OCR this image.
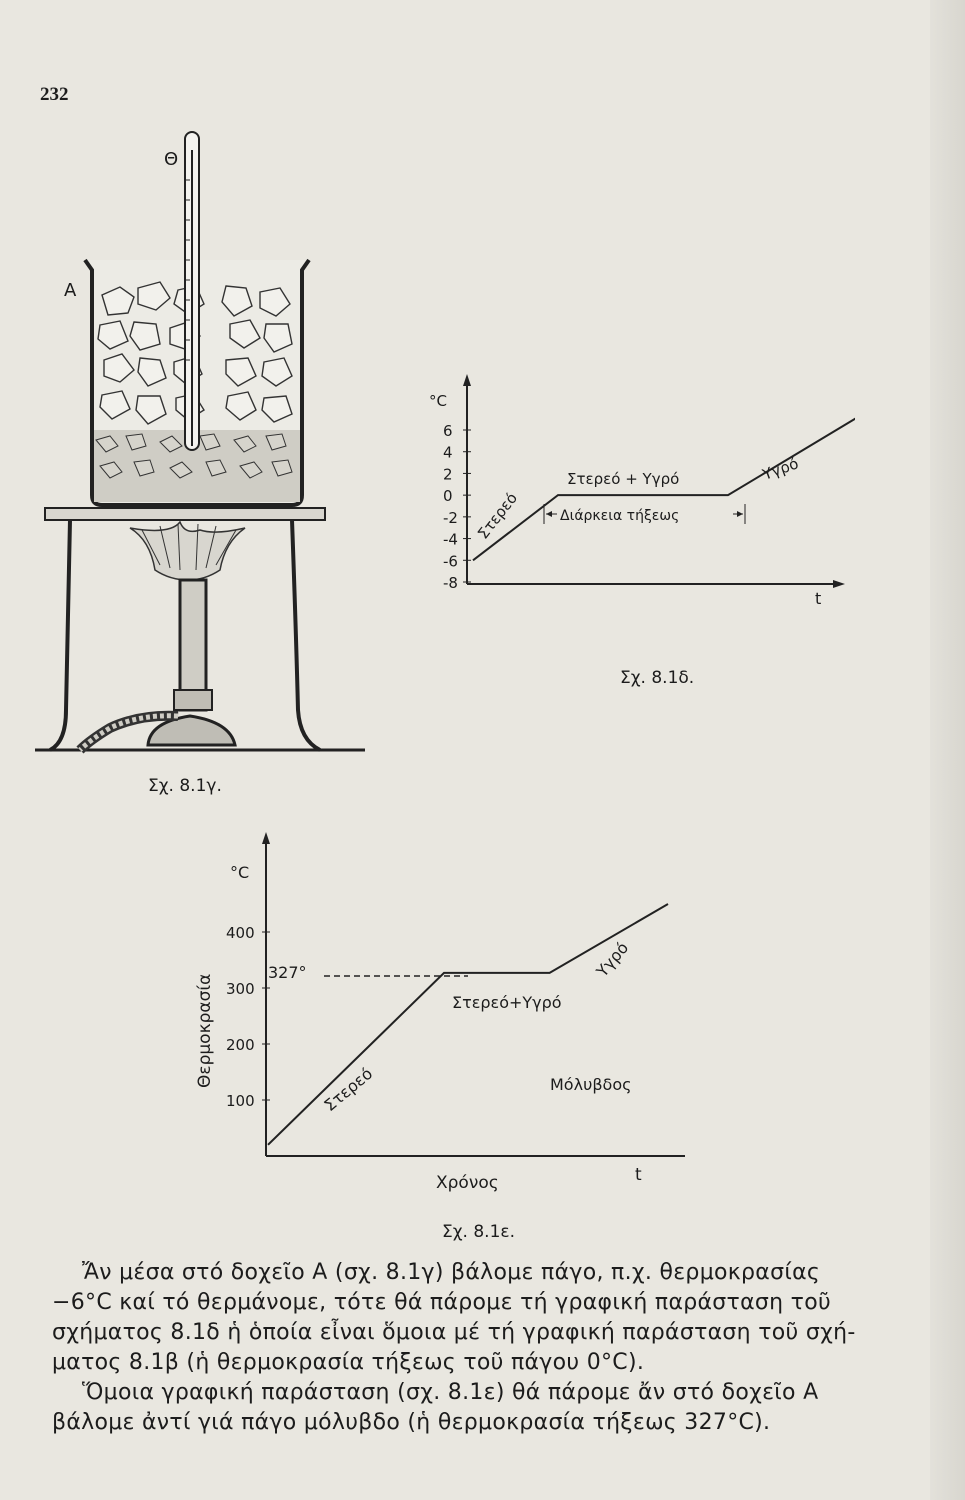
232
Θ
Α
Σχ. 8.1γ.
°C
6
4
2
0
-2
-4
-6
-8
t
Στερεό
Στερεό + Υγρό	Υγρό
Διάρκεια τήξεως
Σχ. 8.1δ.
°C
Θερμοκρασία
400
300
200
100
327°
Στερεό
Στερεό+Υγρό
Υγρό
Μόλυβδος
Χρόνος	t
Σχ. 8.1ε.

Ἄν μέσα στό δοχεῖο Α (σχ. 8.1γ) βάλομε πάγο, π.χ. θερμοκρασίας
−6°C καί τό θερμάνομε, τότε θά πάρομε τή γραφική παράσταση τοῦ
σχήματος 8.1δ ἡ ὁποία εἶναι ὅμοια μέ τή γραφική παράσταση τοῦ σχή-
ματος 8.1β (ἡ θερμοκρασία τήξεως τοῦ πάγου 0°C).

Ὅμοια γραφική παράσταση (σχ. 8.1ε) θά πάρομε ἄν στό δοχεῖο Α
βάλομε ἀντί γιά πάγο μόλυβδο (ἡ θερμοκρασία τήξεως 327°C).
